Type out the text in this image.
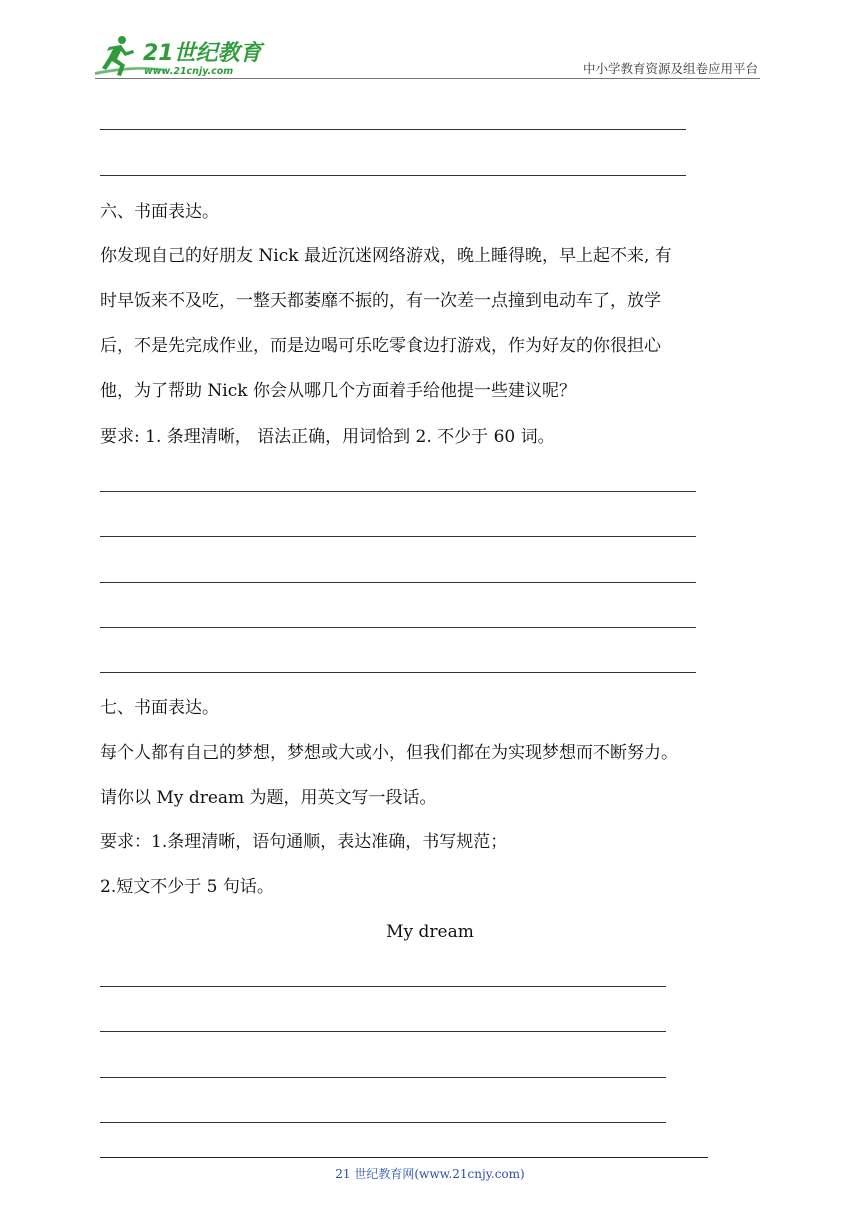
21世纪教育
www.21cnjy.com	中小学教育资源及组卷应用平台
六、书面表达。
你发现自己的好朋友 Nick 最近沉迷网络游戏，晚上睡得晚，早上起不来, 有
时早饭来不及吃，一整天都萎靡不振的，有一次差一点撞到电动车了，放学
后，不是先完成作业，而是边喝可乐吃零食边打游戏，作为好友的你很担心
他，为了帮助 Nick 你会从哪几个方面着手给他提一些建议呢？
要求: 1. 条理清晰， 语法正确，用词恰到 2. 不少于 60 词。
七、书面表达。
每个人都有自己的梦想，梦想或大或小，但我们都在为实现梦想而不断努力。
请你以 My dream 为题，用英文写一段话。
要求：1.条理清晰，语句通顺，表达准确，书写规范；
2.短文不少于 5 句话。
My dream
21 世纪教育网(www.21cnjy.com)
